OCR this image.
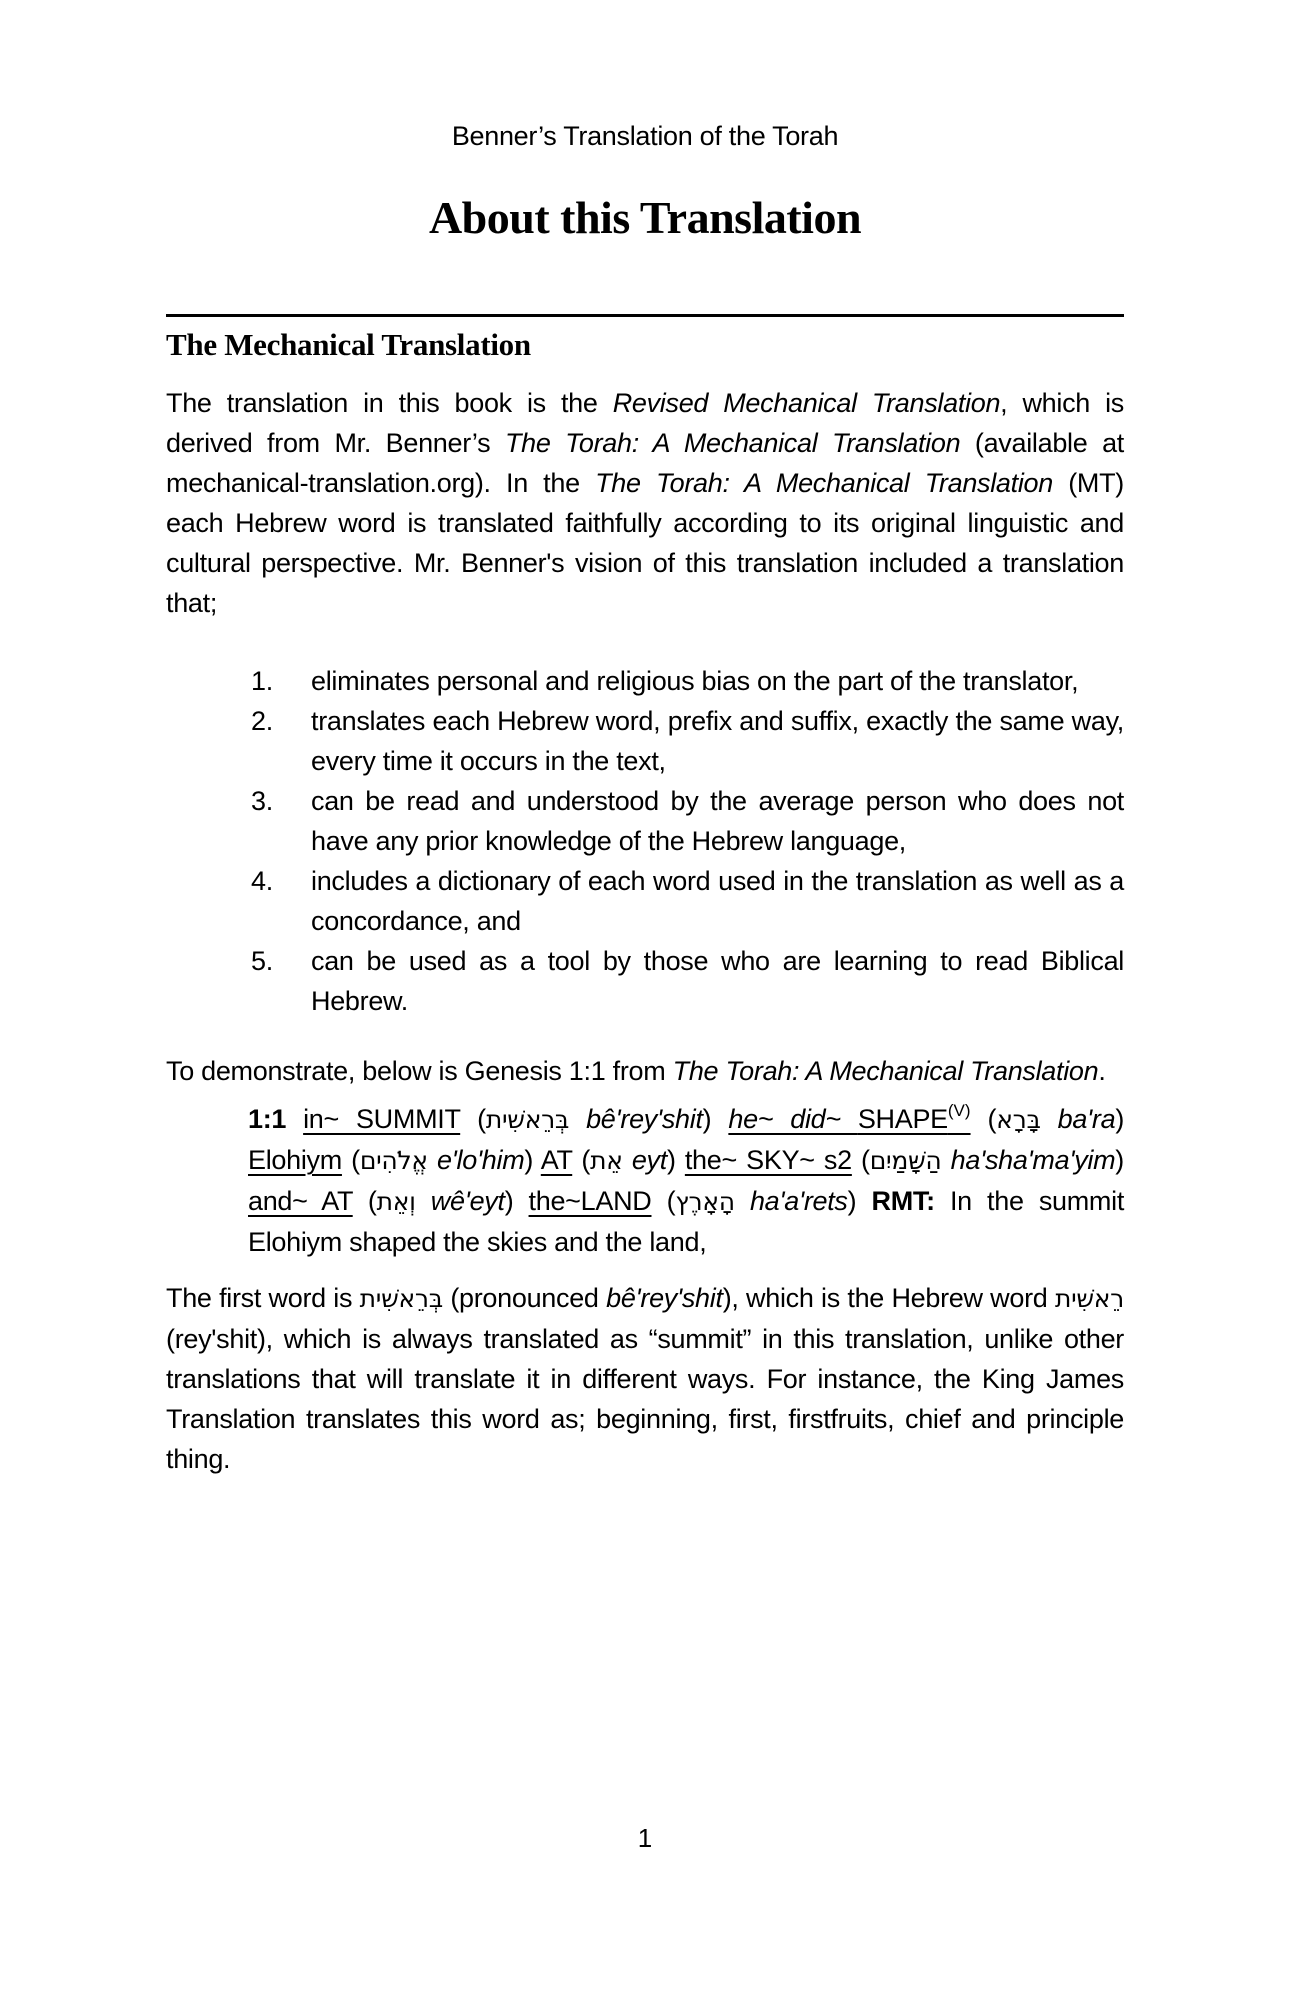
Benner’s Translation of the Torah
About this Translation
The Mechanical Translation

The translation in this book is the Revised Mechanical Translation, which is derived from Mr. Benner’s The Torah: A Mechanical Translation (available at mechanical-translation.org). In the The Torah: A Mechanical Translation (MT) each Hebrew word is translated faithfully according to its original linguistic and cultural perspective. Mr. Benner's vision of this translation included a translation that;

1. eliminates personal and religious bias on the part of the translator,
2. translates each Hebrew word, prefix and suffix, exactly the same way, every time it occurs in the text,
3. can be read and understood by the average person who does not have any prior knowledge of the Hebrew language,
4. includes a dictionary of each word used in the translation as well as a concordance, and
5. can be used as a tool by those who are learning to read Biblical Hebrew.

To demonstrate, below is Genesis 1:1 from The Torah: A Mechanical Translation.

1:1 in~ SUMMIT (בְּרֵאשִׁית bê'rey'shit) he~ did~ $SHAPE^{(V)}$ (בָּרָא ba'ra) Elohiym (אֱלֹהִים e'lo'him) AT (אֵת eyt) the~ SKY~ s2 (הַשָּׁמַיִם ha'sha'ma'yim) and~ AT (וְאֵת wê'eyt) the~LAND (הָאָרֶץ ha'a'rets) RMT: In the summit Elohiym shaped the skies and the land,

The first word is בְּרֵאשִׁית (pronounced bê'rey'shit), which is the Hebrew word רֵאשִׁית (rey'shit), which is always translated as “summit” in this translation, unlike other translations that will translate it in different ways. For instance, the King James Translation translates this word as; beginning, first, firstfruits, chief and principle thing.

1
